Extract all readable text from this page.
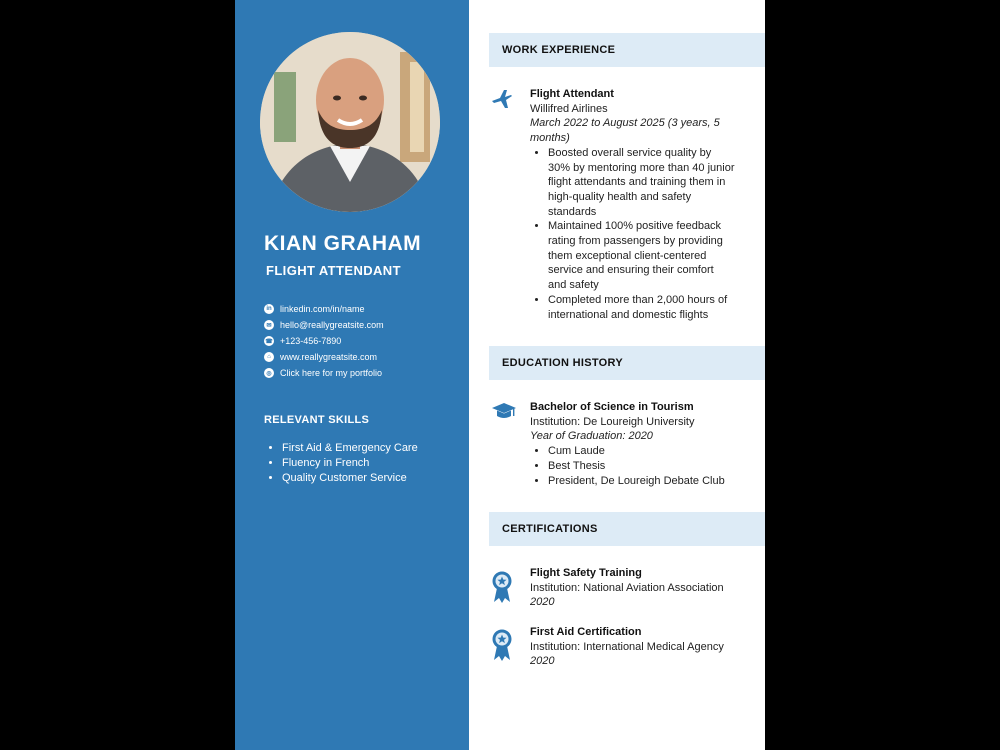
KIAN GRAHAM
FLIGHT ATTENDANT
in linkedin.com/in/name
✉ hello@reallygreatsite.com
☎ +123-456-7890
⌂	www.reallygreatsite.com
◎ Click here for my portfolio
RELEVANT SKILLS
• First Aid & Emergency Care
• Fluency in French
• Quality Customer Service
WORK EXPERIENCE
Flight Attendant
Willifred Airlines
March 2022 to August 2025 (3 years, 5 months)
• Boosted overall service quality by 30% by mentoring more than 40 junior flight attendants and training them in high-quality health and safety standards
• Maintained 100% positive feedback rating from passengers by providing them exceptional client-centered service and ensuring their comfort and safety
• Completed more than 2,000 hours of international and domestic flights
EDUCATION HISTORY
Bachelor of Science in Tourism
Institution: De Loureigh University
Year of Graduation: 2020
• Cum Laude
• Best Thesis
• President, De Loureigh Debate Club
CERTIFICATIONS
Flight Safety Training
Institution: National Aviation Association
2020
First Aid Certification
Institution: International Medical Agency
2020
